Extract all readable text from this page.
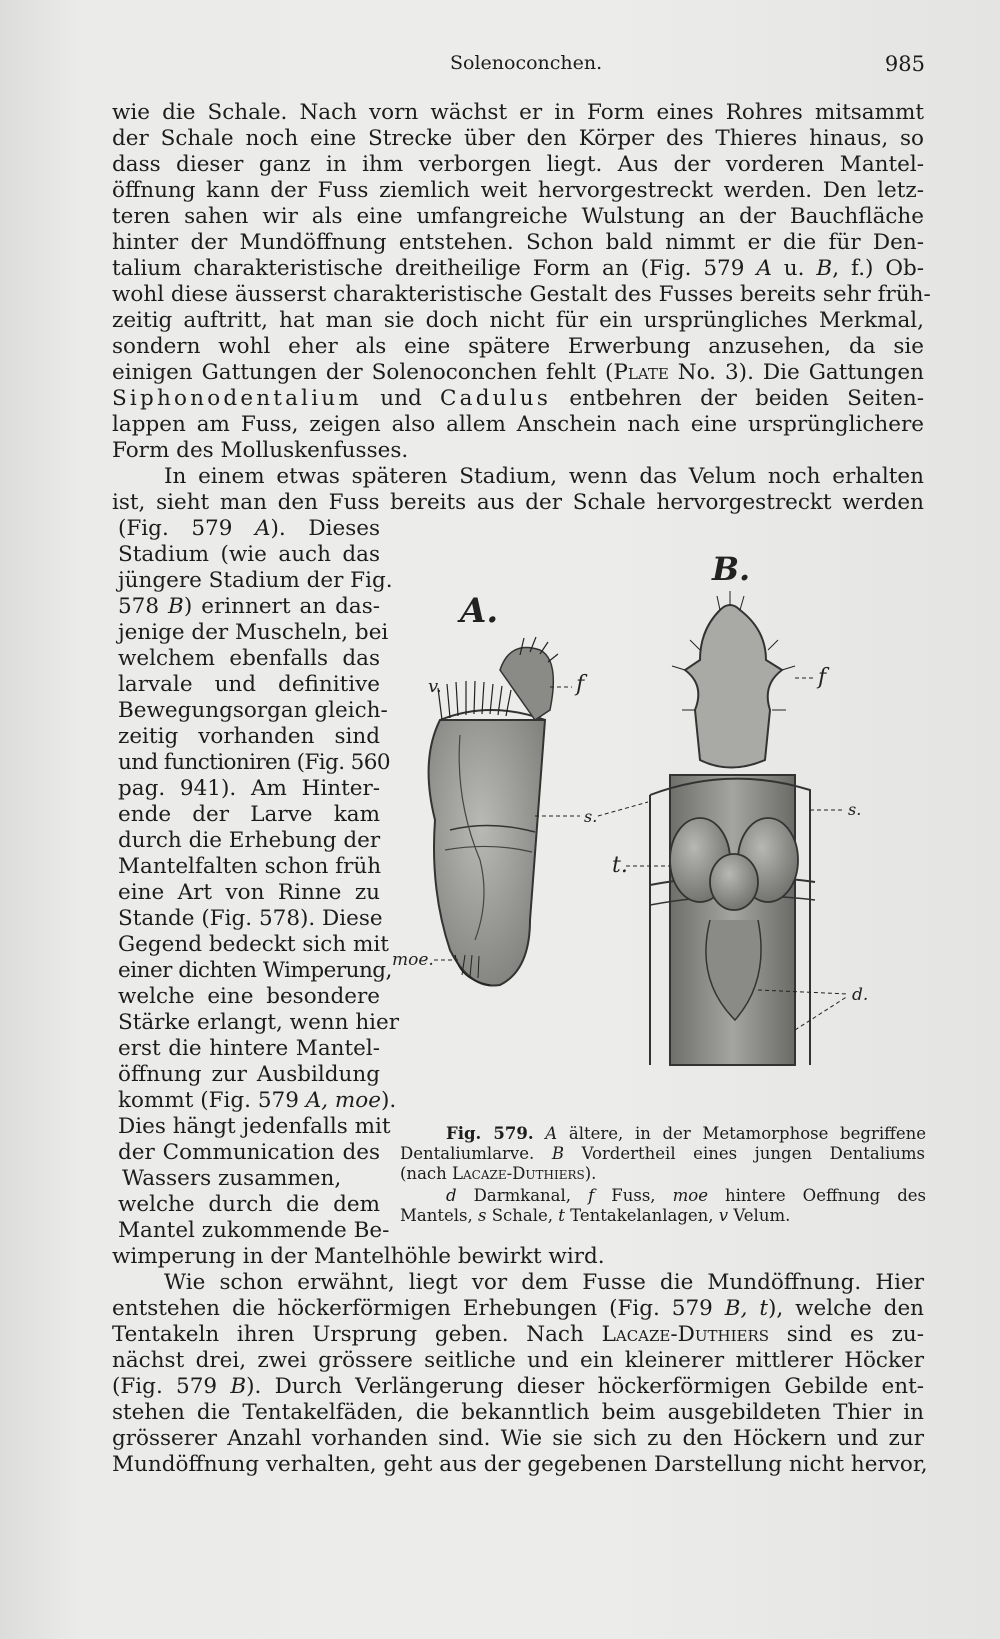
Solenoconchen.	985
wie die Schale. Nach vorn wächst er in Form eines Rohres mitsammt
der Schale noch eine Strecke über den Körper des Thieres hinaus, so
dass dieser ganz in ihm verborgen liegt. Aus der vorderen Mantel-
öffnung kann der Fuss ziemlich weit hervorgestreckt werden. Den letz-
teren sahen wir als eine umfangreiche Wulstung an der Bauchfläche
hinter der Mundöffnung entstehen. Schon bald nimmt er die für Den-
talium charakteristische dreitheilige Form an (Fig. 579 A u. B, f.) Ob-
wohl diese äusserst charakteristische Gestalt des Fusses bereits sehr früh-
zeitig auftritt, hat man sie doch nicht für ein ursprüngliches Merkmal,
sondern wohl eher als eine spätere Erwerbung anzusehen, da sie
einigen Gattungen der Solenoconchen fehlt (Plate No. 3). Die Gattungen
Siphonodentalium und Cadulus entbehren der beiden Seiten-
lappen am Fuss, zeigen also allem Anschein nach eine ursprünglichere
Form des Molluskenfusses.
In einem etwas späteren Stadium, wenn das Velum noch erhalten
ist, sieht man den Fuss bereits aus der Schale hervorgestreckt werden
(Fig. 579 A). Dieses
Stadium (wie auch das
jüngere Stadium der Fig.
578 B) erinnert an das-
jenige der Muscheln, bei
welchem ebenfalls das
larvale und definitive
Bewegungsorgan gleich-
zeitig vorhanden sind
und functioniren (Fig. 560
pag. 941). Am Hinter-
ende der Larve kam
durch die Erhebung der
Mantelfalten schon früh
eine Art von Rinne zu
Stande (Fig. 578). Diese
Gegend bedeckt sich mit
einer dichten Wimperung,
welche eine besondere
Stärke erlangt, wenn hier
erst die hintere Mantel-
öffnung zur Ausbildung
kommt (Fig. 579 A, moe).
Dies hängt jedenfalls mit
der Communication des
Wassers zusammen,
welche durch die dem
Mantel zukommende Be-
wimperung in der Mantelhöhle bewirkt wird.
A.
B.
v.	f	f
s.	s.
t.
moe.
d.
Fig. 579. A ältere, in der Metamorphose begriffene
Dentaliumlarve. B Vordertheil eines jungen Dentaliums
(nach Lacaze-Duthiers).
d Darmkanal, f Fuss, moe hintere Oeffnung des
Mantels, s Schale, t Tentakelanlagen, v Velum.
Wie schon erwähnt, liegt vor dem Fusse die Mundöffnung. Hier
entstehen die höckerförmigen Erhebungen (Fig. 579 B, t), welche den
Tentakeln ihren Ursprung geben. Nach Lacaze-Duthiers sind es zu-
nächst drei, zwei grössere seitliche und ein kleinerer mittlerer Höcker
(Fig. 579 B). Durch Verlängerung dieser höckerförmigen Gebilde ent-
stehen die Tentakelfäden, die bekanntlich beim ausgebildeten Thier in
grösserer Anzahl vorhanden sind. Wie sie sich zu den Höckern und zur
Mundöffnung verhalten, geht aus der gegebenen Darstellung nicht hervor,
